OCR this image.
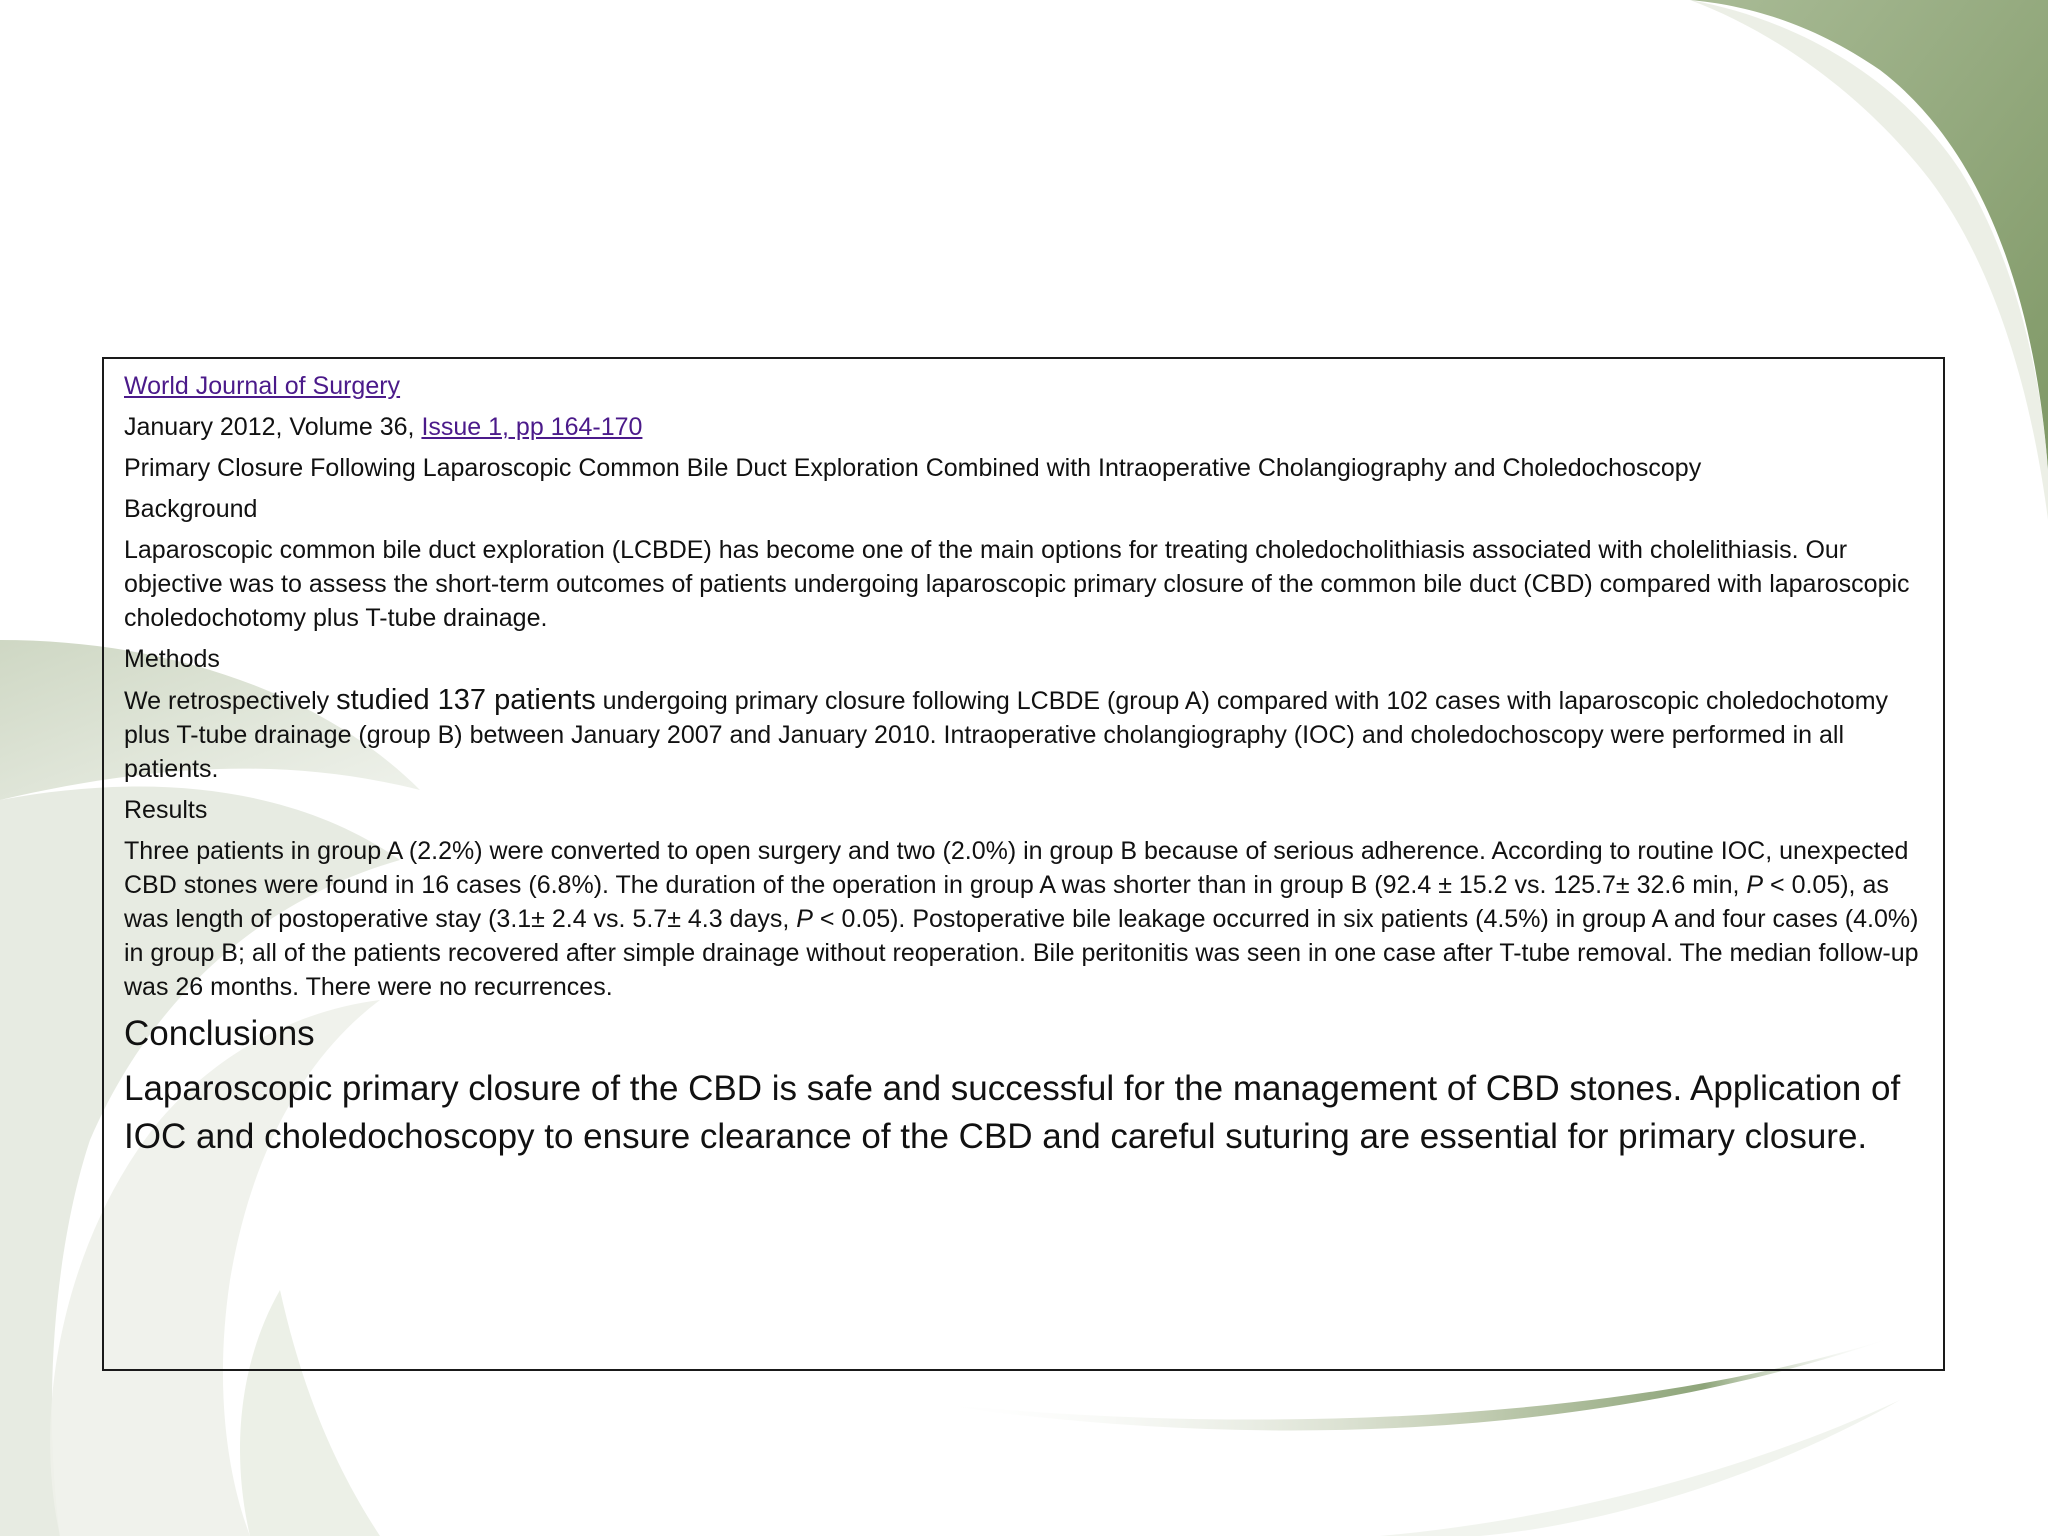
World Journal of Surgery
January 2012, Volume 36, Issue 1, pp 164-170
Primary Closure Following Laparoscopic Common Bile Duct Exploration Combined with Intraoperative Cholangiography and Choledochoscopy
Background
Laparoscopic common bile duct exploration (LCBDE) has become one of the main options for treating choledocholithiasis associated with cholelithiasis. Our objective was to assess the short-term outcomes of patients undergoing laparoscopic primary closure of the common bile duct (CBD) compared with laparoscopic choledochotomy plus T-tube drainage.
Methods
We retrospectively studied 137 patients undergoing primary closure following LCBDE (group A) compared with 102 cases with laparoscopic choledochotomy plus T-tube drainage (group B) between January 2007 and January 2010. Intraoperative cholangiography (IOC) and choledochoscopy were performed in all patients.
Results
Three patients in group A (2.2%) were converted to open surgery and two (2.0%) in group B because of serious adherence. According to routine IOC, unexpected CBD stones were found in 16 cases (6.8%). The duration of the operation in group A was shorter than in group B (92.4 ± 15.2 vs. 125.7± 32.6 min, P < 0.05), as was length of postoperative stay (3.1± 2.4 vs. 5.7± 4.3 days, P < 0.05). Postoperative bile leakage occurred in six patients (4.5%) in group A and four cases (4.0%) in group B; all of the patients recovered after simple drainage without reoperation. Bile peritonitis was seen in one case after T-tube removal. The median follow-up was 26 months. There were no recurrences.
Conclusions
Laparoscopic primary closure of the CBD is safe and successful for the management of CBD stones. Application of IOC and choledochoscopy to ensure clearance of the CBD and careful suturing are essential for primary closure.
